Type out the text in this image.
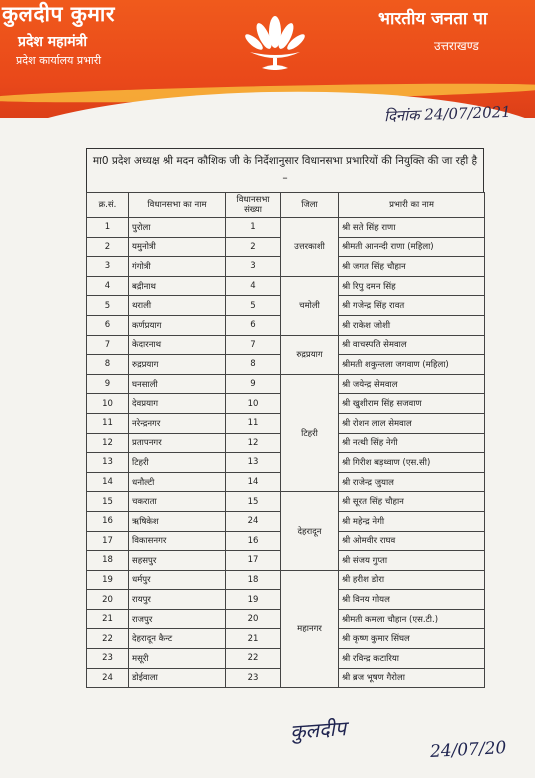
कुलदीप कुमार
प्रदेश महामंत्री
प्रदेश कार्यालय प्रभारी
भारतीय जनता पा
उत्तराखण्ड
दिनांक 24/07/2021
मा0 प्रदेश अध्यक्ष श्री मदन कौशिक जी के निर्देशानुसार विधानसभा प्रभारियों की नियुक्ति की जा रही है –
क्र.सं.	विधानसभा का नाम	विधानसभा संख्या	जिला	प्रभारी का नाम
1	पुरोला	1	उत्तरकाशी	श्री सते सिंह राणा
2	यमुनोत्री	2		श्रीमती आनन्दी राणा (महिला)
3	गंगोत्री	3		श्री जगत सिंह चौहान
4	बद्रीनाथ	4	चमोली	श्री रिपु दमन सिंह
5	थराली	5		श्री गजेन्द्र सिंह रावत
6	कर्णप्रयाग	6		श्री राकेश जोशी
7	केदारनाथ	7	रुद्रप्रयाग	श्री वाचस्पति सेमवाल
8	रुद्रप्रयाग	8		श्रीमती शकुन्तला जगवाण (महिला)
9	घनसाली	9	टिहरी	श्री जयेन्द्र सेमवाल
10	देवप्रयाग	10		श्री खुशीराम सिंह सजवाण
11	नरेन्द्रनगर	11		श्री रोशन लाल सेमवाल
12	प्रतापनगर	12		श्री नत्थी सिंह नेगी
13	टिहरी	13		श्री गिरीश बड़थ्वाण (एस.सी)
14	धनौल्टी	14		श्री राजेन्द्र जुयाल
15	चकराता	15	देहरादून	श्री सूरत सिंह चौहान
16	ऋषिकेश	24		श्री महेन्द्र नेगी
17	विकासनगर	16		श्री ओमवीर राघव
18	सहसपुर	17		श्री संजय गुप्ता
19	धर्मपुर	18	महानगर	श्री हरीश डोरा
20	रायपुर	19		श्री विनय गोयल
21	राजपुर	20		श्रीमती कमला चौहान (एस.टी.)
22	देहरादून कैन्ट	21		श्री कृष्ण कुमार सिंघल
23	मसूरी	22		श्री रविन्द्र कटारिया
24	डोईवाला	23		श्री ब्रज भूषण गैरोला
कुलदीप
24/07/20
